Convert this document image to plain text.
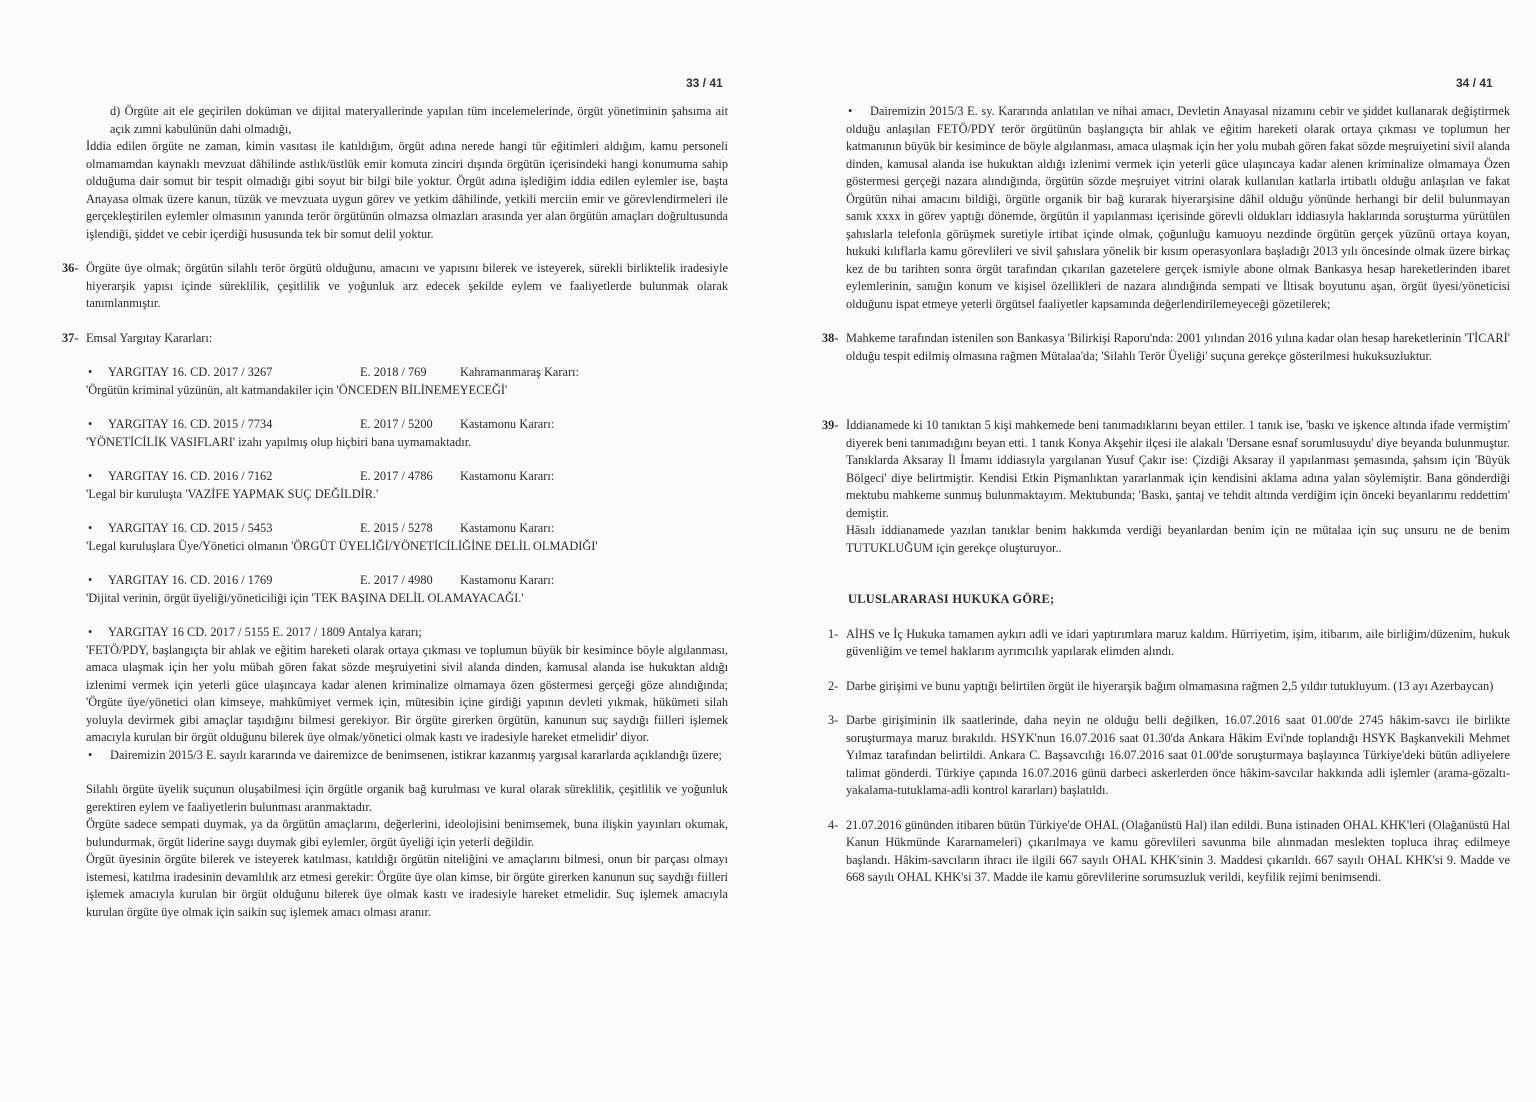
33 / 41

d) Örgüte ait ele geçirilen doküman ve dijital materyallerinde yapılan tüm incelemelerinde, örgüt yönetiminin şahsıma ait açık zımni kabulünün dahi olmadığı,

İddia edilen örgüte ne zaman, kimin vasıtası ile katıldığım, örgüt adına nerede hangi tür eğitimleri aldığım, kamu personeli olmamamdan kaynaklı mevzuat dâhilinde astlık/üstlük emir komuta zinciri dışında örgütün içerisindeki hangi konumuma sahip olduğuma dair somut bir tespit olmadığı gibi soyut bir bilgi bile yoktur. Örgüt adına işlediğim iddia edilen eylemler ise, başta Anayasa olmak üzere kanun, tüzük ve mevzuata uygun görev ve yetkim dâhilinde, yetkili merciin emir ve görevlendirmeleri ile gerçekleştirilen eylemler olmasının yanında terör örgütünün olmazsa olmazları arasında yer alan örgütün amaçları doğrultusunda işlendiği, şiddet ve cebir içerdiği hususunda tek bir somut delil yoktur.

36- Örgüte üye olmak; örgütün silahlı terör örgütü olduğunu, amacını ve yapısını bilerek ve isteyerek, sürekli birliktelik iradesiyle hiyerarşik yapısı içinde süreklilik, çeşitlilik ve yoğunluk arz edecek şekilde eylem ve faaliyetlerde bulunmak olarak tanımlanmıştır.

37- Emsal Yargıtay Kararları:

• YARGITAY 16. CD. 2017 / 3267	E. 2018 / 769	Kahramanmaraş Kararı:

'Örgütün kriminal yüzünün, alt katmandakiler için 'ÖNCEDEN BİLİNEMEYECEĞİ'

• YARGITAY 16. CD. 2015 / 7734	E. 2017 / 5200 Kastamonu Kararı:

'YÖNETİCİLİK VASIFLARI' izahı yapılmış olup hiçbiri bana uymamaktadır.

• YARGITAY 16. CD. 2016 / 7162	E. 2017 / 4786 Kastamonu Kararı:

'Legal bir kuruluşta 'VAZİFE YAPMAK SUÇ DEĞİLDİR.'

• YARGITAY 16. CD. 2015 / 5453	E. 2015 / 5278 Kastamonu Kararı:

'Legal kuruluşlara Üye/Yönetici olmanın 'ÖRGÜT ÜYELİĞİ/YÖNETİCİLİĞİNE DELİL OLMADIĞI'

• YARGITAY 16. CD. 2016 / 1769	E. 2017 / 4980 Kastamonu Kararı:

'Dijital verinin, örgüt üyeliği/yöneticiliği için 'TEK BAŞINA DELİL OLAMAYACAĞI.'

• YARGITAY 16 CD. 2017 / 5155 E. 2017 / 1809 Antalya kararı;

'FETÖ/PDY, başlangıçta bir ahlak ve eğitim hareketi olarak ortaya çıkması ve toplumun büyük bir kesimince böyle algılanması, amaca ulaşmak için her yolu mübah gören fakat sözde meşruiyetini sivil alanda dinden, kamusal alanda ise hukuktan aldığı izlenimi vermek için yeterli güce ulaşıncaya kadar alenen kriminalize olmamaya özen göstermesi gerçeği göze alındığında; 'Örgüte üye/yönetici olan kimseye, mahkûmiyet vermek için, mütesibin içine girdiği yapının devleti yıkmak, hükümeti silah yoluyla devirmek gibi amaçlar taşıdığını bilmesi gerekiyor. Bir örgüte girerken örgütün, kanunun suç saydığı fiilleri işlemek amacıyla kurulan bir örgüt olduğunu bilerek üye olmak/yönetici olmak kastı ve iradesiyle hareket etmelidir' diyor.

• Dairemizin 2015/3 E. sayılı kararında ve dairemizce de benimsenen, istikrar kazanmış yargısal kararlarda açıklandığı üzere;

Silahlı örgüte üyelik suçunun oluşabilmesi için örgütle organik bağ kurulması ve kural olarak süreklilik, çeşitlilik ve yoğunluk gerektiren eylem ve faaliyetlerin bulunması aranmaktadır.

Örgüte sadece sempati duymak, ya da örgütün amaçlarını, değerlerini, ideolojisini benimsemek, buna ilişkin yayınları okumak, bulundurmak, örgüt liderine saygı duymak gibi eylemler, örgüt üyeliği için yeterli değildir.

Örgüt üyesinin örgüte bilerek ve isteyerek katılması, katıldığı örgütün niteliğini ve amaçlarını bilmesi, onun bir parçası olmayı istemesi, katılma iradesinin devamlılık arz etmesi gerekir: Örgüte üye olan kimse, bir örgüte girerken kanunun suç saydığı fiilleri işlemek amacıyla kurulan bir örgüt olduğunu bilerek üye olmak kastı ve iradesiyle hareket etmelidir. Suç işlemek amacıyla kurulan örgüte üye olmak için saikin suç işlemek amacı olması aranır.

34 / 41

• Dairemizin 2015/3 E. sy. Kararında anlatılan ve nihai amacı, Devletin Anayasal nizamını cebir ve şiddet kullanarak değiştirmek olduğu anlaşılan FETÖ/PDY terör örgütünün başlangıçta bir ahlak ve eğitim hareketi olarak ortaya çıkması ve toplumun her katmanının büyük bir kesimince de böyle algılanması, amaca ulaşmak için her yolu mubah gören fakat sözde meşruiyetini sivil alanda dinden, kamusal alanda ise hukuktan aldığı izlenimi vermek için yeterli güce ulaşıncaya kadar alenen kriminalize olmamaya Özen göstermesi gerçeği nazara alındığında, örgütün sözde meşruiyet vitrini olarak kullanılan katlarla irtibatlı olduğu anlaşılan ve fakat Örgütün nihai amacını bildiği, örgütle organik bir bağ kurarak hiyerarşisine dâhil olduğu yönünde herhangi bir delil bulunmayan sanık xxxx in görev yaptığı dönemde, örgütün il yapılanması içerisinde görevli oldukları iddiasıyla haklarında soruşturma yürütülen şahıslarla telefonla görüşmek suretiyle irtibat içinde olmak, çoğunluğu kamuoyu nezdinde örgütün gerçek yüzünü ortaya koyan, hukuki kılıflarla kamu görevlileri ve sivil şahıslara yönelik bir kısım operasyonlara başladığı 2013 yılı öncesinde olmak üzere birkaç kez de bu tarihten sonra örgüt tarafından çıkarılan gazetelere gerçek ismiyle abone olmak Bankasya hesap hareketlerinden ibaret eylemlerinin, sanığın konum ve kişisel özellikleri de nazara alındığında sempati ve İltisak boyutunu aşan, örgüt üyesi/yöneticisi olduğunu ispat etmeye yeterli örgütsel faaliyetler kapsamında değerlendirilemeyeceği gözetilerek;

38- Mahkeme tarafından istenilen son Bankasya 'Bilirkişi Raporu'nda: 2001 yılından 2016 yılına kadar olan hesap hareketlerinin 'TİCARİ' olduğu tespit edilmiş olmasına rağmen Mütalaa'da; 'Silahlı Terör Üyeliği' suçuna gerekçe gösterilmesi hukuksuzluktur.

39- İddianamede ki 10 tanıktan 5 kişi mahkemede beni tanımadıklarını beyan ettiler. 1 tanık ise, 'baskı ve işkence altında ifade vermiştim' diyerek beni tanımadığını beyan etti. 1 tanık Konya Akşehir ilçesi ile alakalı 'Dersane esnaf sorumlusuydu' diye beyanda bulunmuştur. Tanıklarda Aksaray İl İmamı iddiasıyla yargılanan Yusuf Çakır ise: Çizdiği Aksaray il yapılanması şemasında, şahsım için 'Büyük Bölgeci' diye belirtmiştir. Kendisi Etkin Pişmanlıktan yararlanmak için kendisini aklama adına yalan söylemiştir. Bana gönderdiği mektubu mahkeme sunmuş bulunmaktayım. Mektubunda; 'Baskı, şantaj ve tehdit altında verdiğim için önceki beyanlarımı reddettim' demiştir.

Hâsılı iddianamede yazılan tanıklar benim hakkımda verdiği beyanlardan benim için ne mütalaa için suç unsuru ne de benim TUTUKLUĞUM için gerekçe oluşturuyor..

ULUSLARARASI HUKUKA GÖRE;

1- AİHS ve İç Hukuka tamamen aykırı adli ve idari yaptırımlara maruz kaldım. Hürriyetim, işim, itibarım, aile birliğim/düzenim, hukuk güvenliğim ve temel haklarım ayrımcılık yapılarak elimden alındı.

2- Darbe girişimi ve bunu yaptığı belirtilen örgüt ile hiyerarşik bağım olmamasına rağmen 2,5 yıldır tutukluyum. (13 ayı Azerbaycan)

3- Darbe girişiminin ilk saatlerinde, daha neyin ne olduğu belli değilken, 16.07.2016 saat 01.00'de 2745 hâkim-savcı ile birlikte soruşturmaya maruz bırakıldı. HSYK'nun 16.07.2016 saat 01.30'da Ankara Hâkim Evi'nde toplandığı HSYK Başkanvekili Mehmet Yılmaz tarafından belirtildi. Ankara C. Başsavcılığı 16.07.2016 saat 01.00'de soruşturmaya başlayınca Türkiye'deki bütün adliyelere talimat gönderdi. Türkiye çapında 16.07.2016 günü darbeci askerlerden önce hâkim-savcılar hakkında adli işlemler (arama-gözaltı-yakalama-tutuklama-adli kontrol kararları) başlatıldı.

4- 21.07.2016 gününden itibaren bütün Türkiye'de OHAL (Olağanüstü Hal) ilan edildi. Buna istinaden OHAL KHK'leri (Olağanüstü Hal Kanun Hükmünde Kararnameleri) çıkarılmaya ve kamu görevlileri savunma bile alınmadan meslekten topluca ihraç edilmeye başlandı. Hâkim-savcıların ihracı ile ilgili 667 sayılı OHAL KHK'sinin 3. Maddesi çıkarıldı. 667 sayılı OHAL KHK'si 9. Madde ve 668 sayılı OHAL KHK'si 37. Madde ile kamu görevlilerine sorumsuzluk verildi, keyfilik rejimi benimsendi.
